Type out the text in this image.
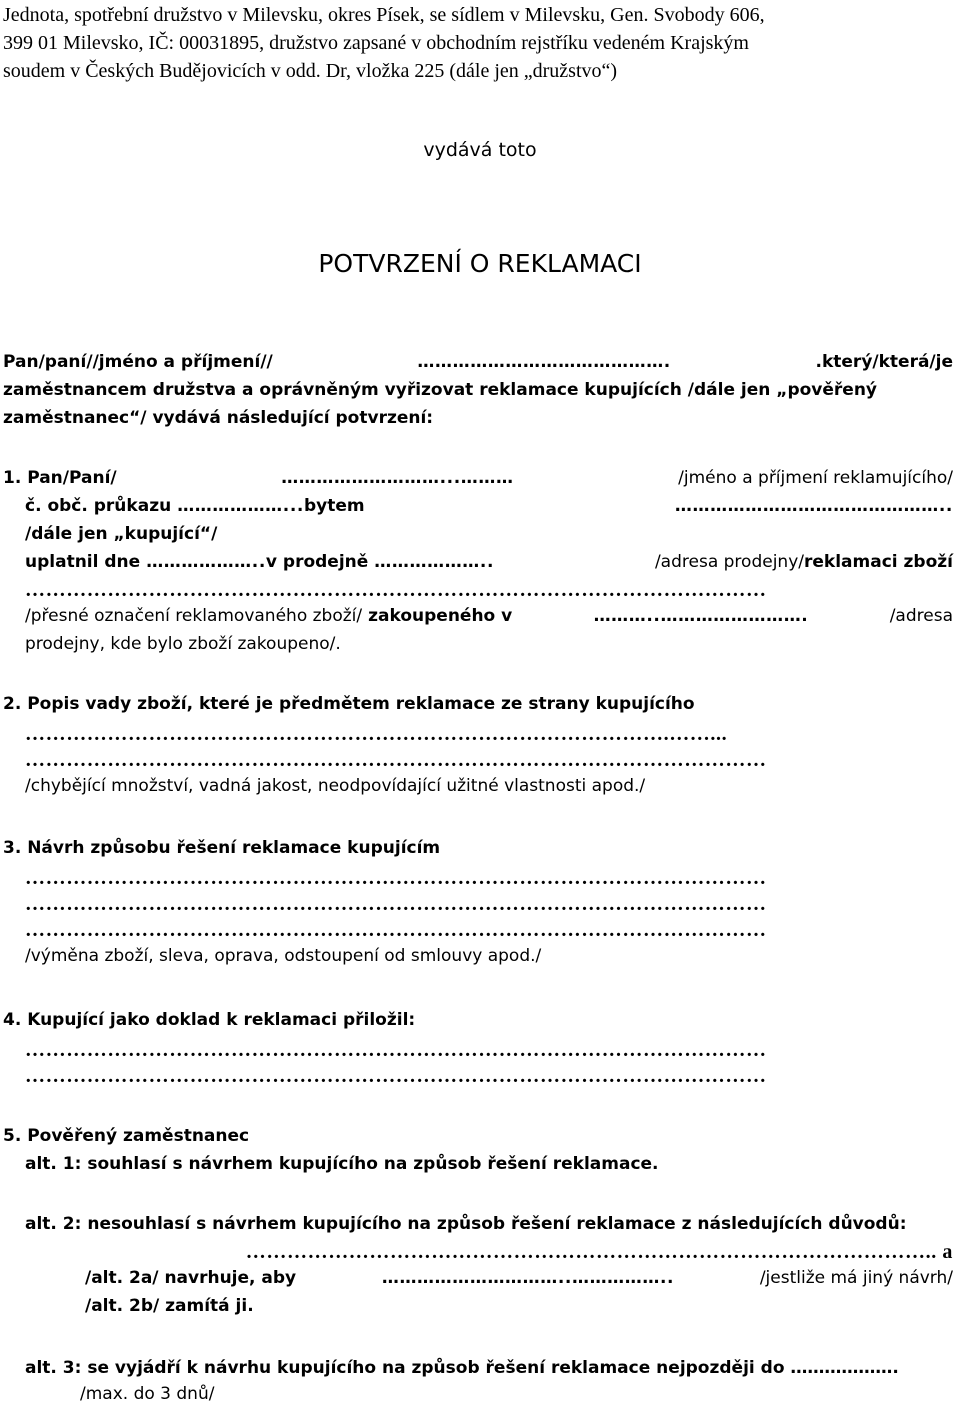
Jednota, spotřební družstvo v Milevsku, okres Písek, se sídlem v Milevsku, Gen. Svobody 606,
399 01 Milevsko, IČ: 00031895, družstvo zapsané v obchodním rejstříku vedeném Krajským
soudem v Českých Budějovicích v odd. Dr, vložka 225 (dále jen „družstvo“)
vydává toto
POTVRZENÍ O REKLAMACI
Pan/paní//jméno a příjmení//	…………………………………….	.který/která/je
zaměstnancem družstva a oprávněným vyřizovat reklamace kupujících /dále jen „pověřený
zaměstnanec“/ vydává následující potvrzení:
1. Pan/Paní/	………………………...………	/jméno a příjmení reklamujícího/
č. obč. průkazu ………………... bytem	………………………………………..
/dále jen „kupující“/
uplatnil dne ……………….. v prodejně ………………..	/adresa prodejny/ reklamaci zboží
………………………………………………………………………………………………
/přesné označení reklamovaného zboží/ zakoupeného v	………..…………………….	/adresa
prodejny, kde bylo zboží zakoupeno/.
2. Popis vady zboží, které je předmětem reklamace ze strany kupujícího
………………………………………………………………………………….……...
………………………………………………………………………………………………
/chybějící množství, vadná jakost, neodpovídající užitné vlastnosti apod./
3. Návrh způsobu řešení reklamace kupujícím
………………………………………………………………………………………………
………………………………………………………………………………………………
………………………………………………………………………………………………
/výměna zboží, sleva, oprava, odstoupení od smlouvy apod./
4. Kupující jako doklad k reklamaci přiložil:
………………………………………………………………………………………………
………………………………………………………………………………………………
5. Pověřený zaměstnanec
alt. 1: souhlasí s návrhem kupujícího na způsob řešení reklamace.
alt. 2: nesouhlasí s návrhem kupujícího na způsob řešení reklamace z následujících důvodů:
……………………………………………………………………………………….. a
/alt. 2a/ navrhuje, aby	…………………………..……………..	/jestliže má jiný návrh/
/alt. 2b/ zamítá ji.
alt. 3: se vyjádří k návrhu kupujícího na způsob řešení reklamace nejpozději do ……………….
/max. do 3 dnů/
